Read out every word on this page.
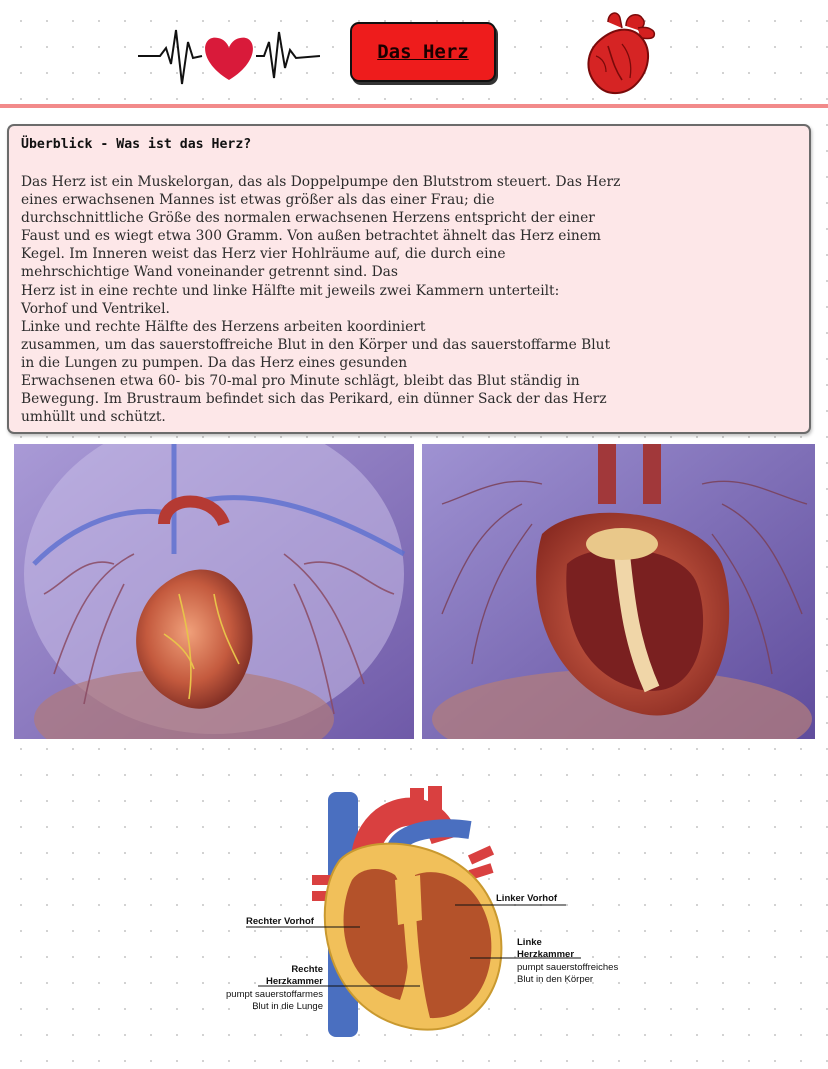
Das Herz
Überblick - Was ist das Herz?
Das Herz ist ein Muskelorgan, das als Doppelpumpe den Blutstrom steuert. Das Herz
eines erwachsenen Mannes ist etwas größer als das einer Frau; die
durchschnittliche Größe des normalen erwachsenen Herzens entspricht der einer
Faust und es wiegt etwa 300 Gramm. Von außen betrachtet ähnelt das Herz einem
Kegel. Im Inneren weist das Herz vier Hohlräume auf, die durch eine
mehrschichtige Wand voneinander getrennt sind. Das
Herz ist in eine rechte und linke Hälfte mit jeweils zwei Kammern unterteilt:
Vorhof und Ventrikel.
Linke und rechte Hälfte des Herzens arbeiten koordiniert
zusammen, um das sauerstoffreiche Blut in den Körper und das sauerstoffarme Blut
in die Lungen zu pumpen. Da das Herz eines gesunden
Erwachsenen etwa 60- bis 70-mal pro Minute schlägt, bleibt das Blut ständig in
Bewegung. Im Brustraum befindet sich das Perikard, ein dünner Sack der das Herz
umhüllt und schützt.
Rechter Vorhof
Linker Vorhof
Linke
Herzkammer
pumpt sauerstoffreiches
Blut in den Körper
Rechte
Herzkammer
pumpt sauerstoffarmes
Blut in die Lunge
